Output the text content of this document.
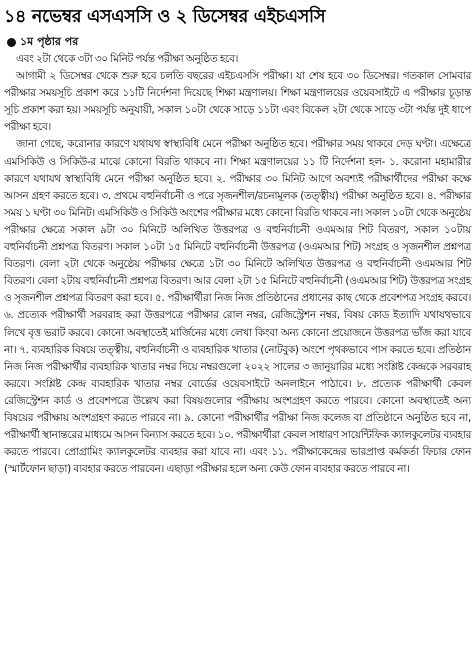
১৪ নভেম্বর এসএসসি ও ২ ডিসেম্বর এইচএসসি
১ম পৃষ্ঠার পর

এবং ২টা থেকে ৩টা ৩০ মিনিট পর্যন্ত পরীক্ষা অনুষ্ঠিত হবে।

আগামী ২ ডিসেম্বর থেকে শুরু হবে চলতি বছরের এইচএসসি পরীক্ষা। যা শেষ হবে ৩০ ডিসেম্বর। গতকাল সোমবার পরীক্ষার সময়সূচি প্রকাশ করে ১১টি নির্দেশনা দিয়েছে শিক্ষা মন্ত্রণালয়। শিক্ষা মন্ত্রণালয়ের ওয়েবসাইটে এ পরীক্ষার চূড়ান্ত সূচি প্রকাশ করা হয়। সময়সূচি অনুযায়ী, সকাল ১০টা থেকে সাড়ে ১১টা এবং বিকেল ২টা থেকে সাড়ে ৩টা পর্যন্ত দুই ধাপে পরীক্ষা হবে।

জানা গেছে, করোনার কারণে যথাযথ স্বাস্থ্যবিধি মেনে পরীক্ষা অনুষ্ঠিত হবে। পরীক্ষার সময় থাকবে দেড় ঘণ্টা। এক্ষেত্রে এমসিকিউ ও সিকিউ-র মাঝে কোনো বিরতি থাকবে না। শিক্ষা মন্ত্রণালয়ের ১১ টি নির্দেশনা হল- ১. করোনা মহামারীর কারণে যথাযথ স্বাস্থ্যবিধি মেনে পরীক্ষা অনুষ্ঠিত হবে। ২. পরীক্ষার ৩০ মিনিট আগে অবশ্যই পরীক্ষার্থীদের পরীক্ষা কক্ষে আসন গ্রহণ করতে হবে। ৩. প্রথমে বহুনির্বাচনী ও পরে সৃজনশীল/রচনামূলক (তত্ত্বীয়) পরীক্ষা অনুষ্ঠিত হবে। ৪. পরীক্ষার সময় ১ ঘণ্টা ৩০ মিনিট। এমসিকিউ ও সিকিউ অংশের পরীক্ষার মধ্যে কোনো বিরতি থাকবে না। সকাল ১০টা থেকে অনুষ্ঠেয় পরীক্ষার ক্ষেত্রে সকাল ৯টা ৩০ মিনিটে অলিখিত উত্তরপত্র ও বহুনির্বাচনী ওএমআর শিট বিতরণ, সকাল ১০টায় বহুনির্বাচনী প্রশ্নপত্র বিতরণ। সকাল ১০টা ১৫ মিনিটে বহুনির্বাচনী উত্তরপত্র (ওএমআর শিট) সংগ্রহ ও সৃজনশীল প্রশ্নপত্র বিতরণ। বেলা ২টা থেকে অনুষ্ঠেয় পরীক্ষার ক্ষেত্রে ১টা ৩০ মিনিটে অলিখিত উত্তরপত্র ও বহুনির্বাচনী ওএমআর শিট বিতরণ। বেলা ২টায় বহুনির্বাচনী প্রশ্নপত্র বিতরণ। আর বেলা ২টা ১৫ মিনিটে বহুনির্বাচনী (ওএমআর শিট) উত্তরপত্র সংগ্রহ ও সৃজনশীল প্রশ্নপত্র বিতরণ করা হবে। ৫. পরীক্ষার্থীরা নিজ নিজ প্রতিষ্ঠানের প্রধানের কাছ থেকে প্রবেশপত্র সংগ্রহ করবে। ৬. প্রত্যেক পরীক্ষার্থী সরবরাহ করা উত্তরপত্রে পরীক্ষার রোল নম্বর, রেজিস্ট্রেশন নম্বর, বিষয় কোড ইত্যাদি যথাযথভাবে লিখে বৃত্ত ভরাট করবে। কোনো অবস্থাতেই মার্জিনের মধ্যে লেখা কিংবা অন্য কোনো প্রয়োজনে উত্তরপত্র ভাঁজ করা যাবে না। ৭. ব্যবহারিক বিষয়ে তত্ত্বীয়, বহুনির্বাচনী ও ব্যবহারিক খাতার (নোটবুক) অংশে পৃথকভাবে পাস করতে হবে। প্রতিষ্ঠান নিজ নিজ পরীক্ষার্থীর ব্যবহারিক খাতার নম্বর দিয়ে নম্বরগুলো ২০২২ সালের ৩ জানুয়ারির মধ্যে সংশ্লিষ্ট কেন্দ্রকে সরবরাহ করবে। সংশ্লিষ্ট কেন্দ্র ব্যবহারিক খাতার নম্বর বোর্ডের ওয়েবসাইটে অনলাইনে পাঠাবে। ৮. প্রত্যেক পরীক্ষার্থী কেবল রেজিস্ট্রেশন কার্ড ও প্রবেশপত্রে উল্লেখ করা বিষয়গুলোর পরীক্ষায় অংশগ্রহণ করতে পারবে। কোনো অবস্থাতেই অন্য বিষয়ের পরীক্ষায় অংশগ্রহণ করতে পারবে না। ৯. কোনো পরীক্ষার্থীর পরীক্ষা নিজ কলেজ বা প্রতিষ্ঠানে অনুষ্ঠিত হবে না, পরীক্ষার্থী স্থানান্তরের মাধ্যমে আসন বিন্যাস করতে হবে। ১০. পরীক্ষার্থীরা কেবল সাধারণ সায়েন্টিফিক ক্যালকুলেটর ব্যবহার করতে পারবে। প্রোগ্রামিং ক্যালকুলেটর ব্যবহার করা যাবে না। এবং ১১. পরীক্ষাকেন্দ্রের ভারপ্রাপ্ত কর্মকর্তা ফিচার ফোন (স্মার্টফোন ছাড়া) ব্যবহার করতে পারবেন। এছাড়া পরীক্ষার হলে অন্য কেউ ফোন ব্যবহার করতে পারবে না।
